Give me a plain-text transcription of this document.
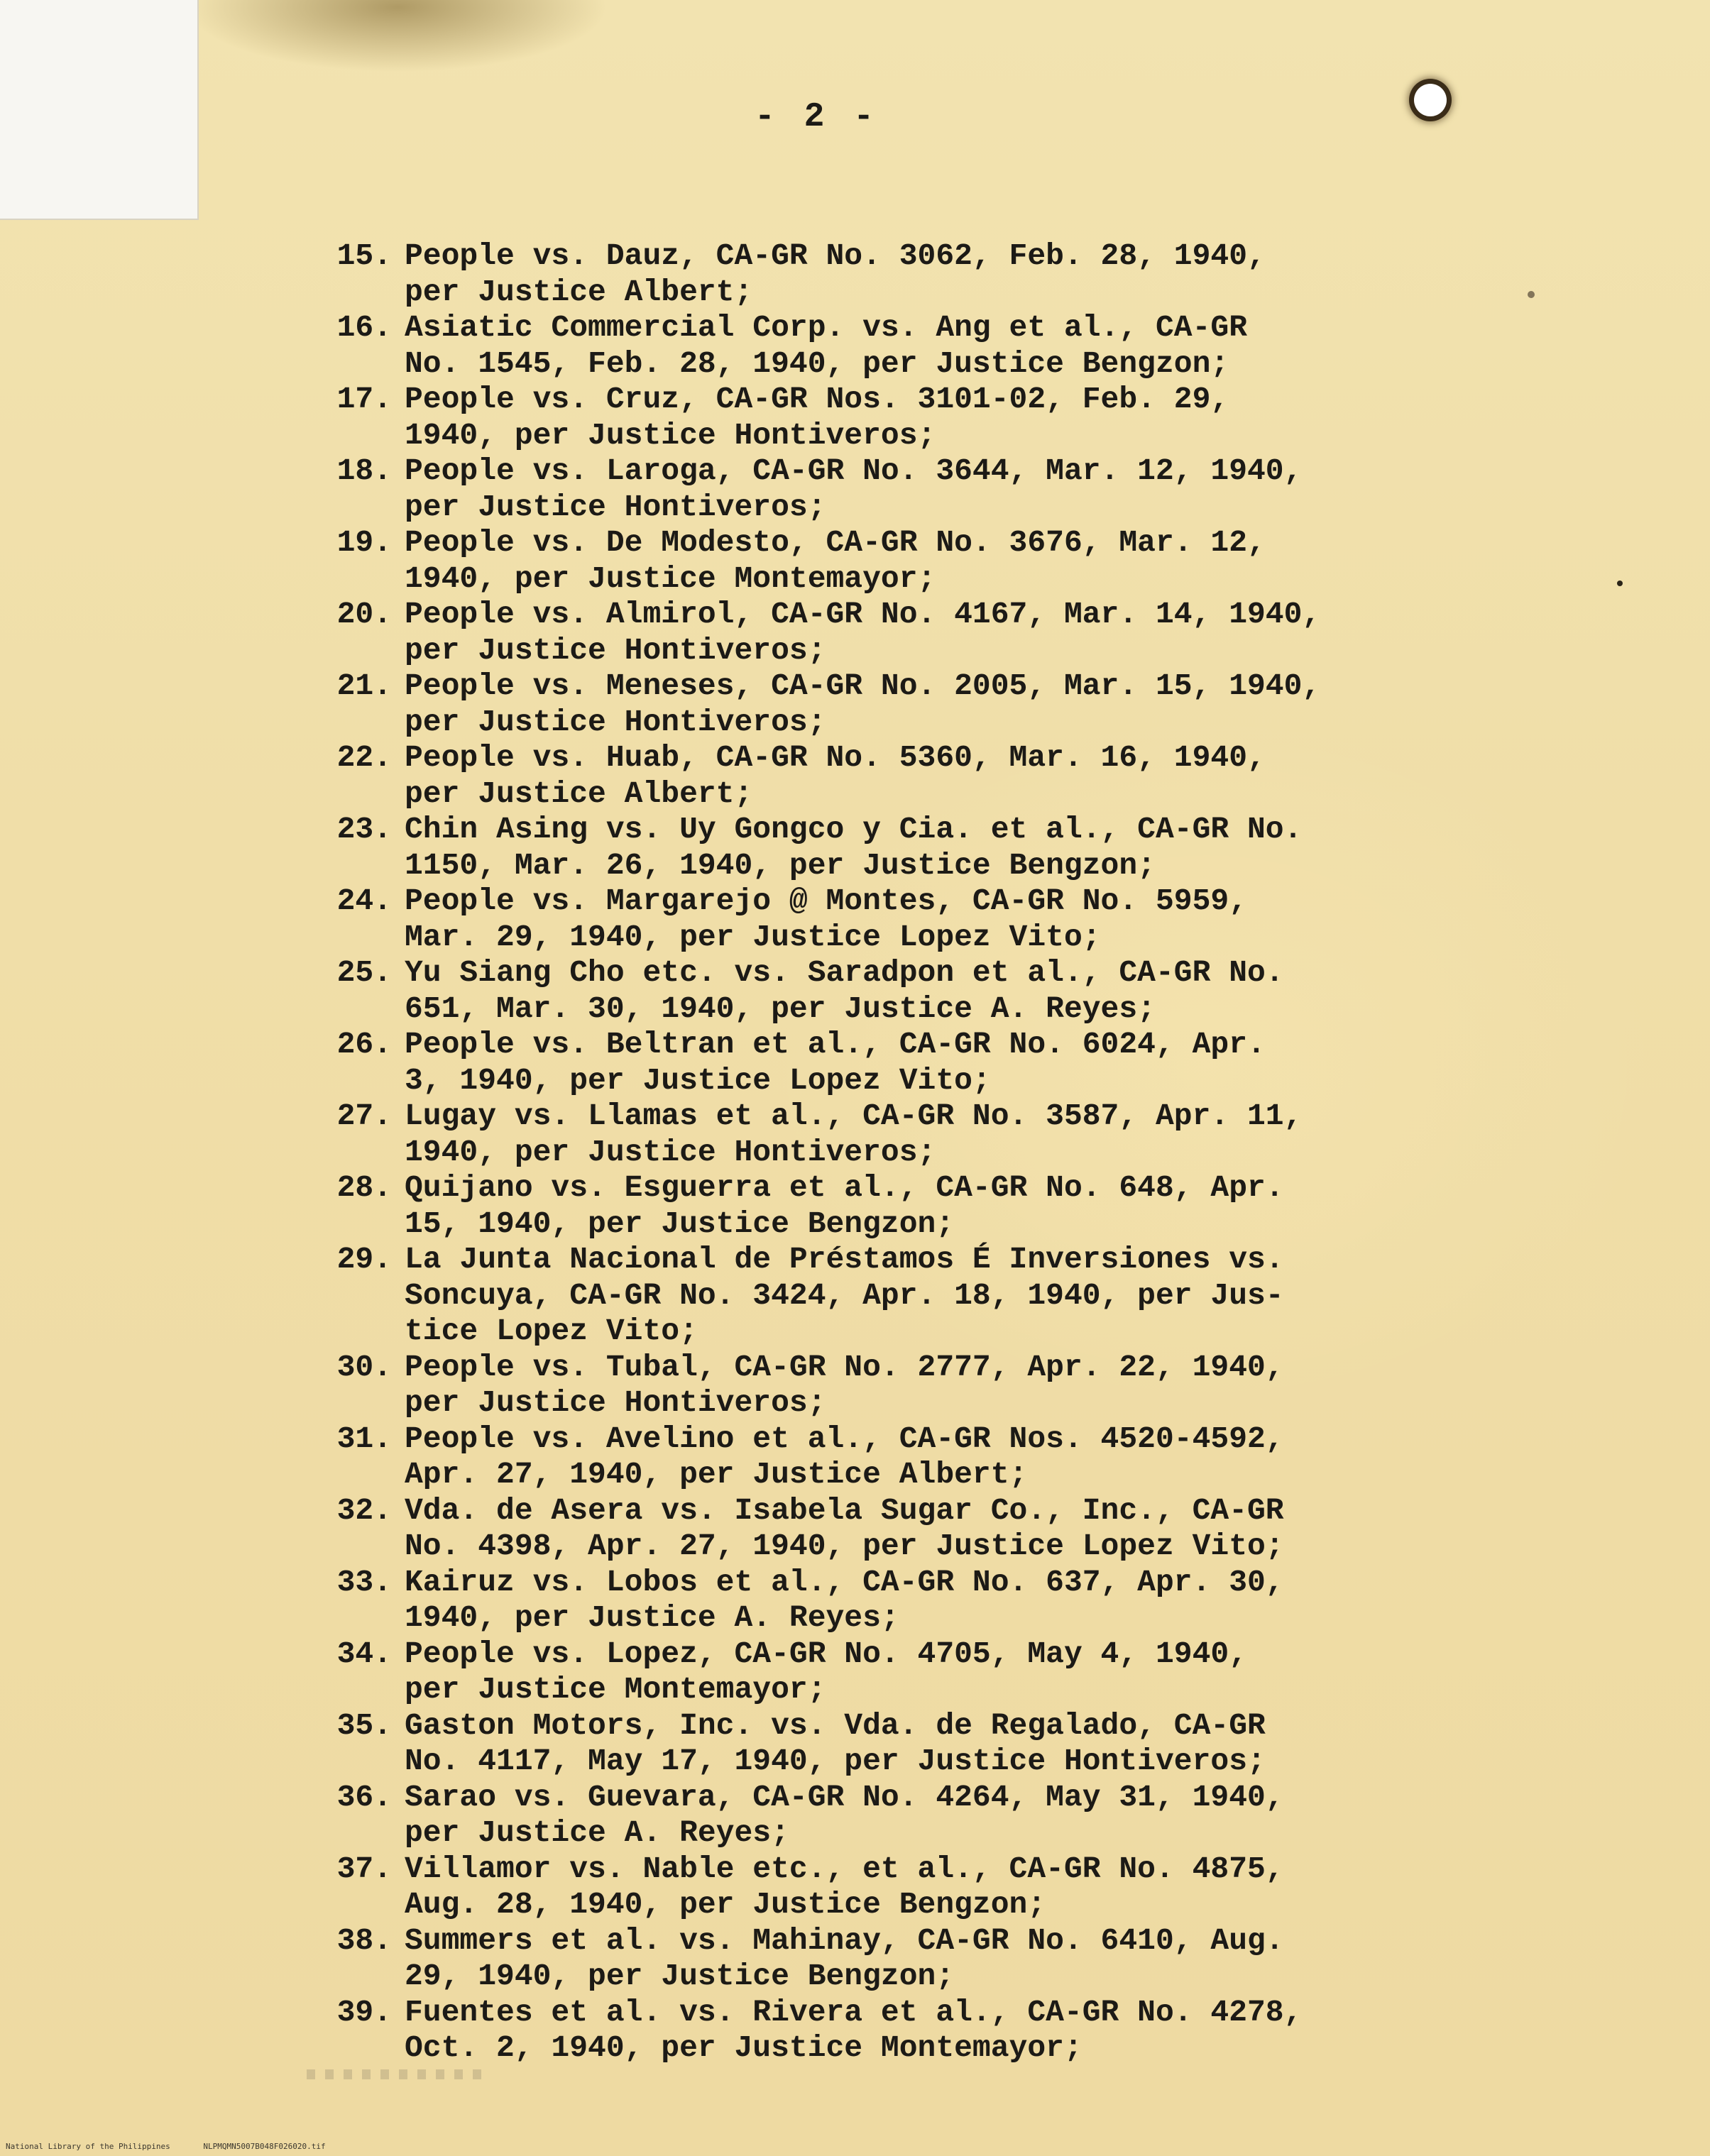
- 2 -
15. People vs. Dauz, CA-GR No. 3062, Feb. 28, 1940,
per Justice Albert;
16. Asiatic Commercial Corp. vs. Ang et al., CA-GR
No. 1545, Feb. 28, 1940, per Justice Bengzon;
17. People vs. Cruz, CA-GR Nos. 3101-02, Feb. 29,
1940, per Justice Hontiveros;
18. People vs. Laroga, CA-GR No. 3644, Mar. 12, 1940,
per Justice Hontiveros;
19. People vs. De Modesto, CA-GR No. 3676, Mar. 12,
1940, per Justice Montemayor;
20. People vs. Almirol, CA-GR No. 4167, Mar. 14, 1940,
per Justice Hontiveros;
21. People vs. Meneses, CA-GR No. 2005, Mar. 15, 1940,
per Justice Hontiveros;
22. People vs. Huab, CA-GR No. 5360, Mar. 16, 1940,
per Justice Albert;
23. Chin Asing vs. Uy Gongco y Cia. et al., CA-GR No.
1150, Mar. 26, 1940, per Justice Bengzon;
24. People vs. Margarejo @ Montes, CA-GR No. 5959,
Mar. 29, 1940, per Justice Lopez Vito;
25. Yu Siang Cho etc. vs. Saradpon et al., CA-GR No.
651, Mar. 30, 1940, per Justice A. Reyes;
26. People vs. Beltran et al., CA-GR No. 6024, Apr.
3, 1940, per Justice Lopez Vito;
27. Lugay vs. Llamas et al., CA-GR No. 3587, Apr. 11,
1940, per Justice Hontiveros;
28. Quijano vs. Esguerra et al., CA-GR No. 648, Apr.
15, 1940, per Justice Bengzon;
29. La Junta Nacional de Préstamos É Inversiones vs.
Soncuya, CA-GR No. 3424, Apr. 18, 1940, per Jus-
tice Lopez Vito;
30. People vs. Tubal, CA-GR No. 2777, Apr. 22, 1940,
per Justice Hontiveros;
31. People vs. Avelino et al., CA-GR Nos. 4520-4592,
Apr. 27, 1940, per Justice Albert;
32. Vda. de Asera vs. Isabela Sugar Co., Inc., CA-GR
No. 4398, Apr. 27, 1940, per Justice Lopez Vito;
33. Kairuz vs. Lobos et al., CA-GR No. 637, Apr. 30,
1940, per Justice A. Reyes;
34. People vs. Lopez, CA-GR No. 4705, May 4, 1940,
per Justice Montemayor;
35. Gaston Motors, Inc. vs. Vda. de Regalado, CA-GR
No. 4117, May 17, 1940, per Justice Hontiveros;
36. Sarao vs. Guevara, CA-GR No. 4264, May 31, 1940,
per Justice A. Reyes;
37. Villamor vs. Nable etc., et al., CA-GR No. 4875,
Aug. 28, 1940, per Justice Bengzon;
38. Summers et al. vs. Mahinay, CA-GR No. 6410, Aug.
29, 1940, per Justice Bengzon;
39. Fuentes et al. vs. Rivera et al., CA-GR No. 4278,
Oct. 2, 1940, per Justice Montemayor;
National Library of the Philippines	NLPMQMN5007B048F026020.tif
